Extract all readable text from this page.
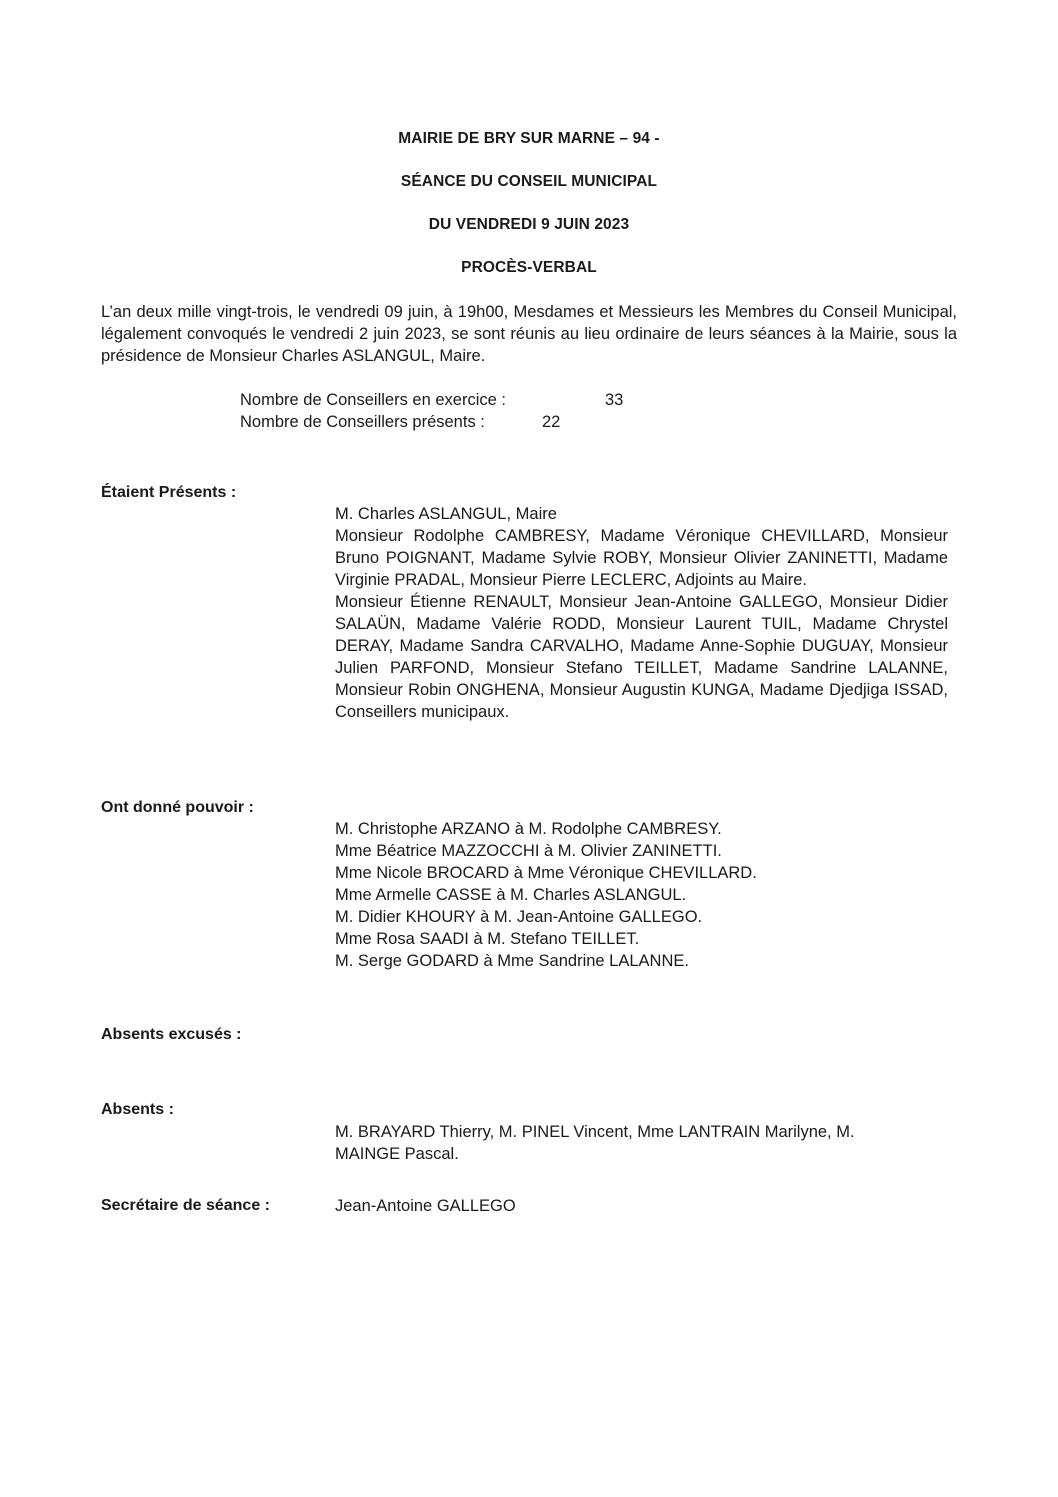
MAIRIE DE BRY SUR MARNE – 94 -
SÉANCE DU CONSEIL MUNICIPAL
DU VENDREDI 9 JUIN 2023
PROCÈS-VERBAL
L’an deux mille vingt-trois, le vendredi 09 juin, à 19h00, Mesdames et Messieurs les Membres du Conseil Municipal, légalement convoqués le vendredi 2 juin 2023, se sont réunis au lieu ordinaire de leurs séances à la Mairie, sous la présidence de Monsieur Charles ASLANGUL, Maire.
Nombre de Conseillers en exercice :	33
Nombre de Conseillers présents :	22
Étaient Présents :
M. Charles ASLANGUL, Maire
Monsieur Rodolphe CAMBRESY, Madame Véronique CHEVILLARD, Monsieur Bruno POIGNANT, Madame Sylvie ROBY, Monsieur Olivier ZANINETTI, Madame Virginie PRADAL, Monsieur Pierre LECLERC, Adjoints au Maire.
Monsieur Étienne RENAULT, Monsieur Jean-Antoine GALLEGO, Monsieur Didier SALAÜN, Madame Valérie RODD, Monsieur Laurent TUIL, Madame Chrystel DERAY, Madame Sandra CARVALHO, Madame Anne-Sophie DUGUAY, Monsieur Julien PARFOND, Monsieur Stefano TEILLET, Madame Sandrine LALANNE, Monsieur Robin ONGHENA, Monsieur Augustin KUNGA, Madame Djedjiga ISSAD, Conseillers municipaux.
Ont donné pouvoir :
M. Christophe ARZANO à M. Rodolphe CAMBRESY.
Mme Béatrice MAZZOCCHI à M. Olivier ZANINETTI.
Mme Nicole BROCARD à Mme Véronique CHEVILLARD.
Mme Armelle CASSE à M. Charles ASLANGUL.
M. Didier KHOURY à M. Jean-Antoine GALLEGO.
Mme Rosa SAADI à M. Stefano TEILLET.
M. Serge GODARD à Mme Sandrine LALANNE.
Absents excusés :
Absents :
M. BRAYARD Thierry, M. PINEL Vincent, Mme LANTRAIN Marilyne, M.
MAINGE Pascal.
Secrétaire de séance :	Jean-Antoine GALLEGO
